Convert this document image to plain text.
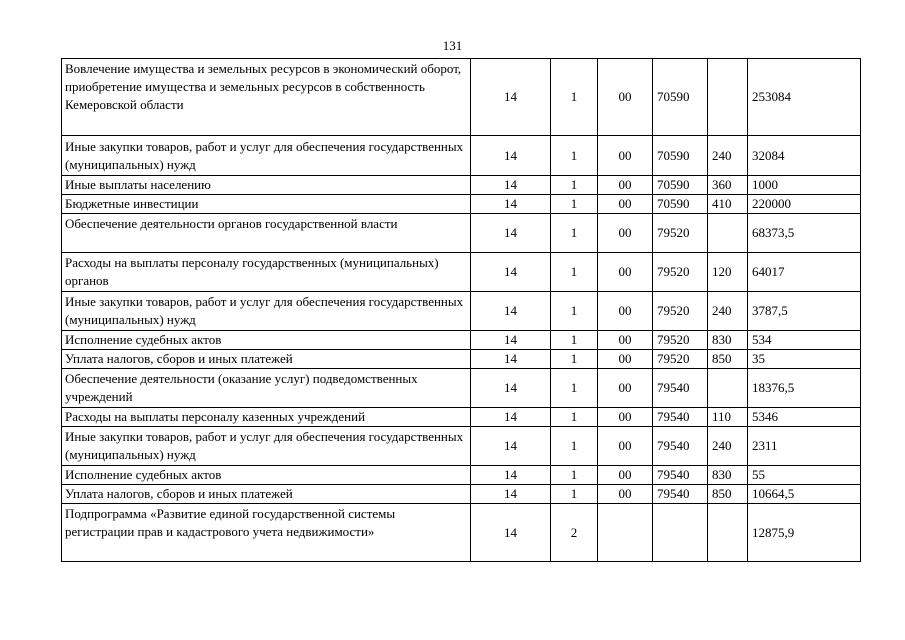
131
Вовлечение имущества и земельных ресурсов в экономический оборот, приобретение имущества и земельных ресурсов в собственность Кемеровской области	14	1	00	70590		253084
Иные закупки товаров, работ и услуг для обеспечения государственных (муниципальных) нужд	14	1	00	70590	240	32084
Иные выплаты населению	14	1	00	70590	360	1000
Бюджетные инвестиции	14	1	00	70590	410	220000
Обеспечение деятельности органов государственной власти	14	1	00	79520		68373,5
Расходы на выплаты персоналу государственных (муниципальных) органов	14	1	00	79520	120	64017
Иные закупки товаров, работ и услуг для обеспечения государственных (муниципальных) нужд	14	1	00	79520	240	3787,5
Исполнение судебных актов	14	1	00	79520	830	534
Уплата налогов, сборов и иных платежей	14	1	00	79520	850	35
Обеспечение деятельности (оказание услуг) подведомственных учреждений	14	1	00	79540		18376,5
Расходы на выплаты персоналу казенных учреждений	14	1	00	79540	110	5346
Иные закупки товаров, работ и услуг для обеспечения государственных (муниципальных) нужд	14	1	00	79540	240	2311
Исполнение судебных актов	14	1	00	79540	830	55
Уплата налогов, сборов и иных платежей	14	1	00	79540	850	10664,5
Подпрограмма «Развитие единой государственной системы регистрации прав и кадастрового учета недвижимости»	14	2				12875,9
